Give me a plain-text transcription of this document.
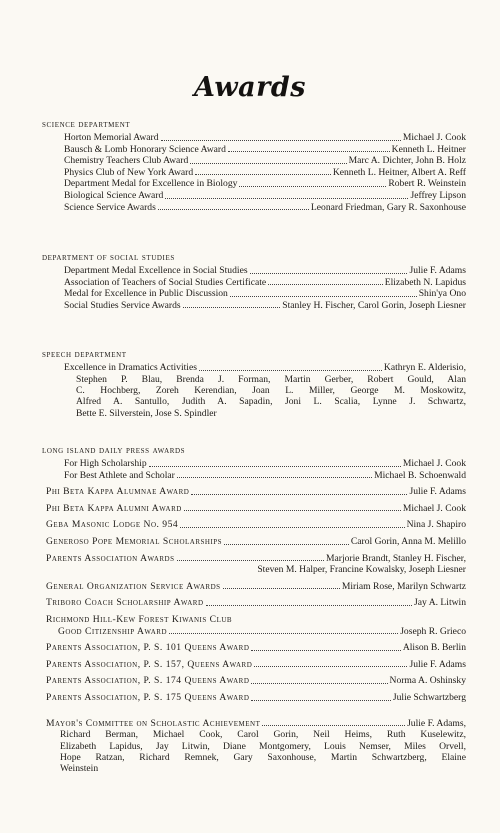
Awards
science department
Horton Memorial Award	Michael J. Cook
Bausch & Lomb Honorary Science Award	Kenneth L. Heitner
Chemistry Teachers Club Award	Marc A. Dichter, John B. Holz
Physics Club of New York Award	Kenneth L. Heitner, Albert A. Reff
Department Medal for Excellence in Biology	Robert R. Weinstein
Biological Science Award	Jeffrey Lipson
Science Service Awards	Leonard Friedman, Gary R. Saxonhouse
department of social studies
Department Medal Excellence in Social Studies	Julie F. Adams
Association of Teachers of Social Studies Certificate	Elizabeth N. Lapidus
Medal for Excellence in Public Discussion	Shin'ya Ono
Social Studies Service Awards	Stanley H. Fischer, Carol Gorin, Joseph Liesner
speech department
Excellence in Dramatics Activities	Kathryn E. Alderisio,
Stephen P. Blau, Brenda J. Forman, Martin Gerber, Robert Gould, Alan
C. Hochberg, Zoreh Kerendian, Joan L. Miller, George M. Moskowitz,
Alfred A. Santullo, Judith A. Sapadin, Joni L. Scalia, Lynne J. Schwartz,
Bette E. Silverstein, Jose S. Spindler
long island daily press awards
For High Scholarship	Michael J. Cook
For Best Athlete and Scholar	Michael B. Schoenwald
Phi Beta Kappa Alumnae Award	Julie F. Adams
Phi Beta Kappa Alumni Award	Michael J. Cook
Geba Masonic Lodge No. 954	Nina J. Shapiro
Generoso Pope Memorial Scholarships	Carol Gorin, Anna M. Melillo
Parents Association Awards	Marjorie Brandt, Stanley H. Fischer,
Steven M. Halper, Francine Kowalsky, Joseph Liesner
General Organization Service Awards	Miriam Rose, Marilyn Schwartz
Triboro Coach Scholarship Award	Jay A. Litwin
Richmond Hill-Kew Forest Kiwanis Club
Good Citizenship Award	Joseph R. Grieco
Parents Association, P. S. 101 Queens Award	Alison B. Berlin
Parents Association, P. S. 157, Queens Award	Julie F. Adams
Parents Association, P. S. 174 Queens Award	Norma A. Oshinsky
Parents Association, P. S. 175 Queens Award	Julie Schwartzberg
Mayor's Committee on Scholastic Achievement	Julie F. Adams,
Richard Berman, Michael Cook, Carol Gorin, Neil Heims, Ruth Kuselewitz,
Elizabeth Lapidus, Jay Litwin, Diane Montgomery, Louis Nemser, Miles Orvell,
Hope Ratzan, Richard Remnek, Gary Saxonhouse, Martin Schwartzberg, Elaine
Weinstein
